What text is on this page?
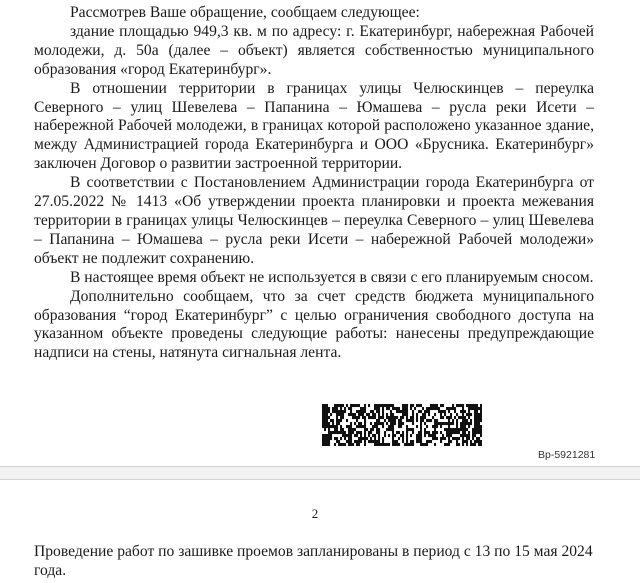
Рассмотрев Ваше обращение, сообщаем следующее:

здание площадью 949,3 кв. м по адресу: г. Екатеринбург, набережная Рабочей молодежи, д. 50а (далее – объект) является собственностью муниципального образования «город Екатеринбург».

В отношении территории в границах улицы Челюскинцев – переулка Северного – улиц Шевелева – Папанина – Юмашева – русла реки Исети – набережной Рабочей молодежи, в границах которой расположено указанное здание, между Администрацией города Екатеринбурга и ООО «Брусника. Екатеринбург» заключен Договор о развитии застроенной территории.

В соответствии с Постановлением Администрации города Екатеринбурга от 27.05.2022 № 1413 «Об утверждении проекта планировки и проекта межевания территории в границах улицы Челюскинцев – переулка Северного – улиц Шевелева – Папанина – Юмашева – русла реки Исети – набережной Рабочей молодежи» объект не подлежит сохранению.

В настоящее время объект не используется в связи с его планируемым сносом.

Дополнительно сообщаем, что за счет средств бюджета муниципального образования “город Екатеринбург” с целью ограничения свободного доступа на указанном объекте проведены следующие работы: нанесены предупреждающие надписи на стены, натянута сигнальная лента.

Вр-5921281
2

Проведение работ по зашивке проемов запланированы в период с 13 по 15 мая 2024 года.
